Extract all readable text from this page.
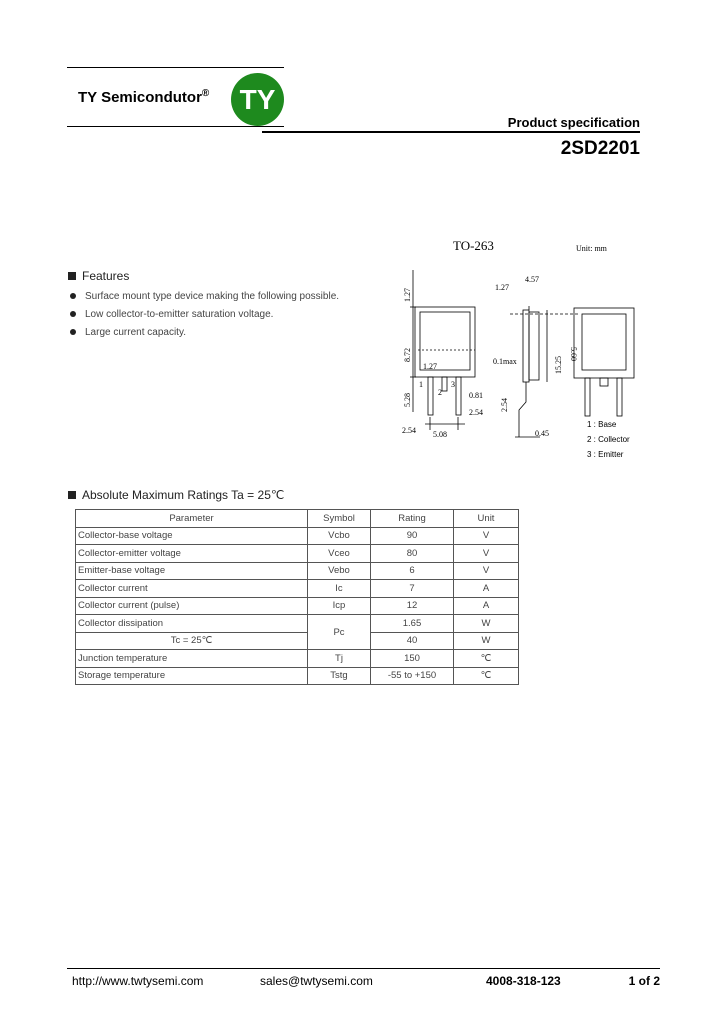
TY Semicondutor®	TY
Product specification
2SD2201
TO-263	Unit: mm
1.27
1.27
4.57
8.72
1.27
0.1max	15.25
5.28	0.81
2.54
2.54
5.08
2.54	0.45
5.60
1
2
3
1 : Base
2 : Collector
3 : Emitter
Features
Surface mount type device making the following possible.
Low collector-to-emitter saturation voltage.
Large current capacity.
Absolute Maximum Ratings Ta = 25℃
Parameter	Symbol	Rating	Unit
Collector-base voltage	Vcbo	90	V
Collector-emitter voltage	Vceo	80	V
Emitter-base voltage	Vebo	6	V
Collector current	Ic	7	A
Collector current (pulse)	Icp	12	A
Collector dissipation	Pc	1.65	W
Tc = 25℃		40	W
Junction temperature	Tj	150	℃
Storage temperature	Tstg	-55 to +150	℃
http://www.twtysemi.com	sales@twtysemi.com	4008-318-123	1 of 2
